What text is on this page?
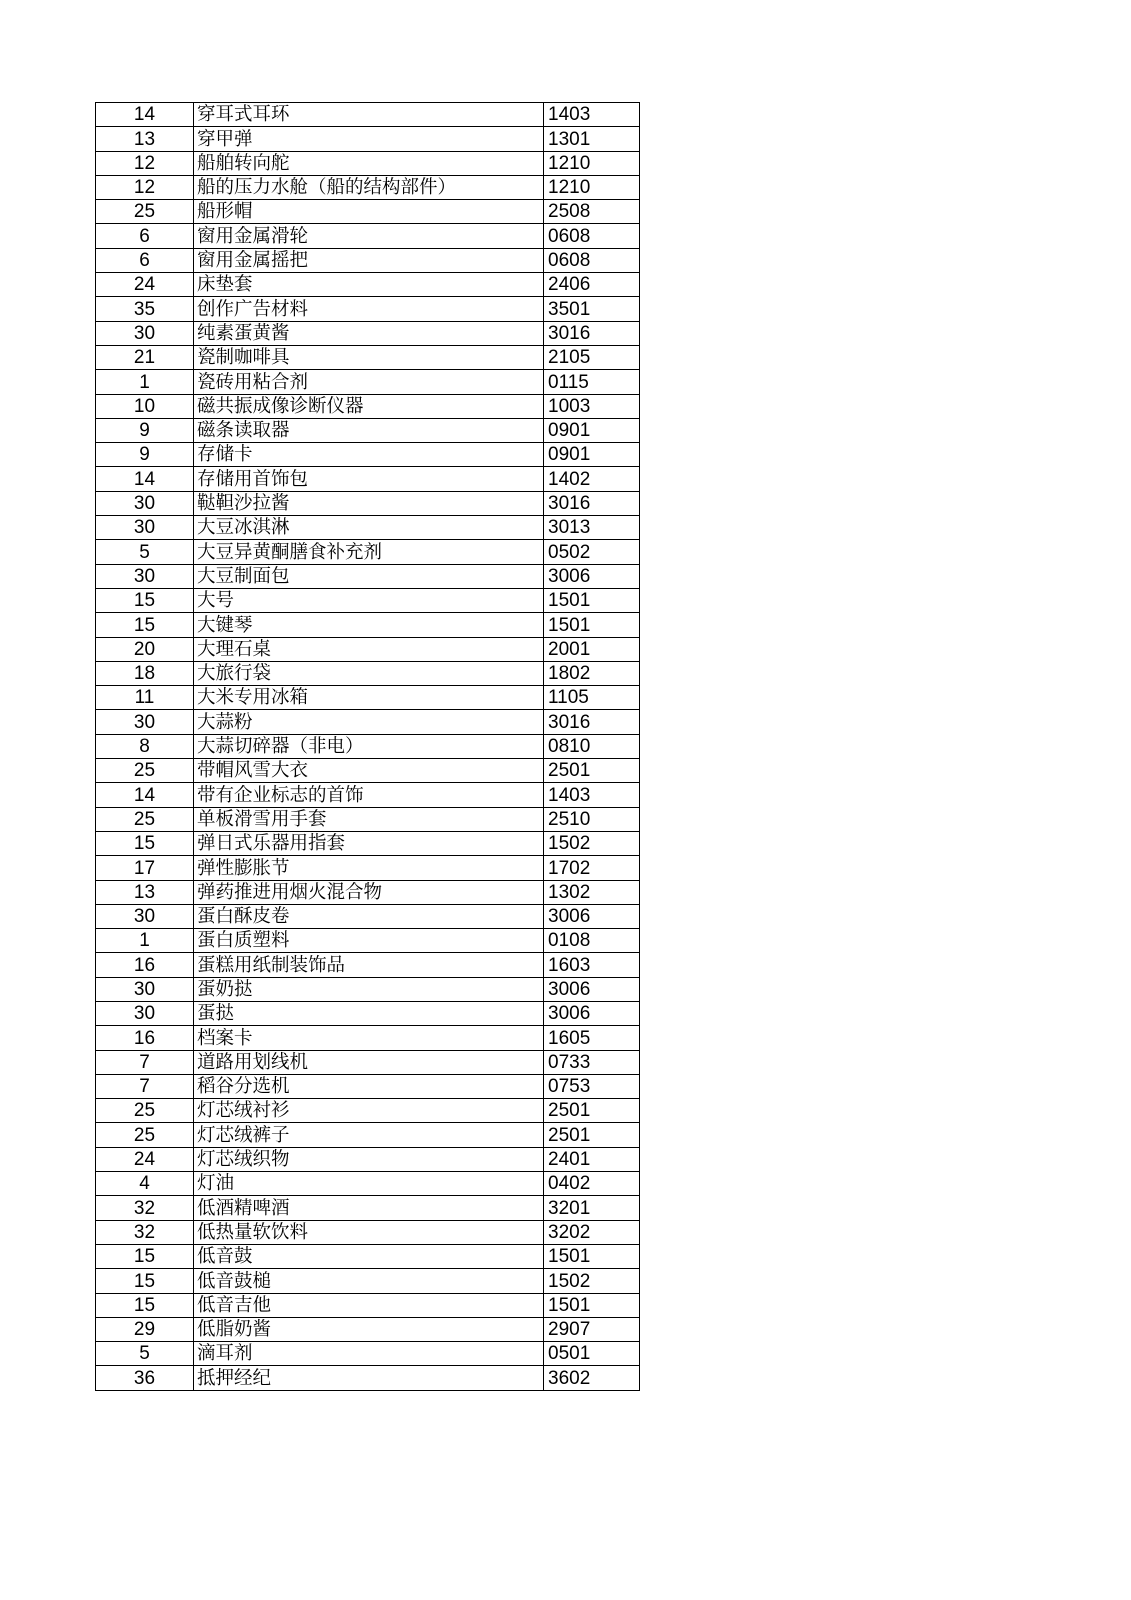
14	穿耳式耳环	1403
13	穿甲弹	1301
12	船舶转向舵	1210
12	船的压力水舱（船的结构部件）	1210
25	船形帽	2508
6	窗用金属滑轮	0608
6	窗用金属摇把	0608
24	床垫套	2406
35	创作广告材料	3501
30	纯素蛋黄酱	3016
21	瓷制咖啡具	2105
1	瓷砖用粘合剂	0115
10	磁共振成像诊断仪器	1003
9	磁条读取器	0901
9	存储卡	0901
14	存储用首饰包	1402
30	鞑靼沙拉酱	3016
30	大豆冰淇淋	3013
5	大豆异黄酮膳食补充剂	0502
30	大豆制面包	3006
15	大号	1501
15	大键琴	1501
20	大理石桌	2001
18	大旅行袋	1802
11	大米专用冰箱	1105
30	大蒜粉	3016
8	大蒜切碎器（非电）	0810
25	带帽风雪大衣	2501
14	带有企业标志的首饰	1403
25	单板滑雪用手套	2510
15	弹日式乐器用指套	1502
17	弹性膨胀节	1702
13	弹药推进用烟火混合物	1302
30	蛋白酥皮卷	3006
1	蛋白质塑料	0108
16	蛋糕用纸制装饰品	1603
30	蛋奶挞	3006
30	蛋挞	3006
16	档案卡	1605
7	道路用划线机	0733
7	稻谷分选机	0753
25	灯芯绒衬衫	2501
25	灯芯绒裤子	2501
24	灯芯绒织物	2401
4	灯油	0402
32	低酒精啤酒	3201
32	低热量软饮料	3202
15	低音鼓	1501
15	低音鼓槌	1502
15	低音吉他	1501
29	低脂奶酱	2907
5	滴耳剂	0501
36	抵押经纪	3602
